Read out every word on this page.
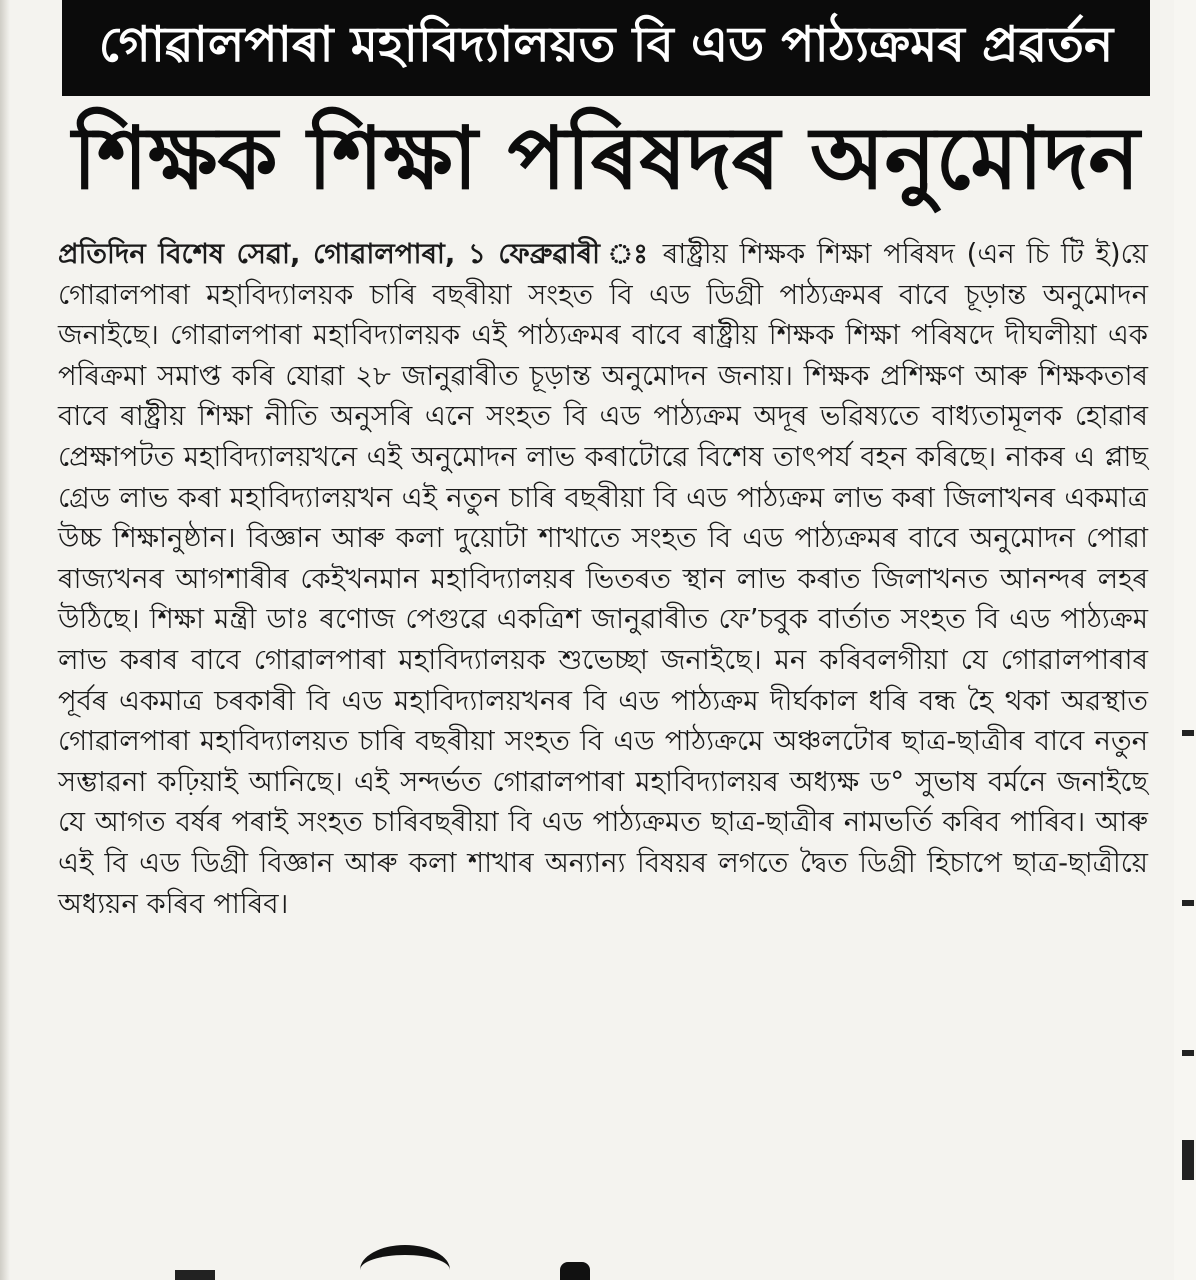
গোৱালপাৰা মহাবিদ্যালয়ত বি এড পাঠ্যক্ৰমৰ প্ৰৱৰ্তন
শিক্ষক শিক্ষা পৰিষদৰ অনুমোদন

প্ৰতিদিন বিশেষ সেৱা, গোৱালপাৰা, ১ ফেব্ৰুৱাৰী ঃ ৰাষ্ট্ৰীয় শিক্ষক শিক্ষা পৰিষদ (এন চি টি ই)য়ে গোৱালপাৰা মহাবিদ্যালয়ক চাৰি বছৰীয়া সংহত বি এড ডিগ্ৰী পাঠ্যক্ৰমৰ বাবে চূড়ান্ত অনুমোদন জনাইছে। গোৱালপাৰা মহাবিদ্যালয়ক এই পাঠ্যক্ৰমৰ বাবে ৰাষ্ট্ৰীয় শিক্ষক শিক্ষা পৰিষদে দীঘলীয়া এক পৰিক্ৰমা সমাপ্ত কৰি যোৱা ২৮ জানুৱাৰীত চূড়ান্ত অনুমোদন জনায়। শিক্ষক প্ৰশিক্ষণ আৰু শিক্ষকতাৰ বাবে ৰাষ্ট্ৰীয় শিক্ষা নীতি অনুসৰি এনে সংহত বি এড পাঠ্যক্ৰম অদূৰ ভৱিষ্যতে বাধ্যতামূলক হোৱাৰ প্ৰেক্ষাপটত মহাবিদ্যালয়খনে এই অনুমোদন লাভ কৰাটোৱে বিশেষ তাৎপৰ্য বহন কৰিছে। নাকৰ এ প্লাছ গ্ৰেড লাভ কৰা মহাবিদ্যালয়খন এই নতুন চাৰি বছৰীয়া বি এড পাঠ্যক্ৰম লাভ কৰা জিলাখনৰ একমাত্ৰ উচ্চ শিক্ষানুষ্ঠান। বিজ্ঞান আৰু কলা দুয়োটা শাখাতে সংহত বি এড পাঠ্যক্ৰমৰ বাবে অনুমোদন পোৱা ৰাজ্যখনৰ আগশাৰীৰ কেইখনমান মহাবিদ্যালয়ৰ ভিতৰত স্থান লাভ কৰাত জিলাখনত আনন্দৰ লহৰ উঠিছে। শিক্ষা মন্ত্ৰী ডাঃ ৰণোজ পেগুৱে একত্ৰিশ জানুৱাৰীত ফে’চবুক বাৰ্তাত সংহত বি এড পাঠ্যক্ৰম লাভ কৰাৰ বাবে গোৱালপাৰা মহাবিদ্যালয়ক শুভেচ্ছা জনাইছে। মন কৰিবলগীয়া যে গোৱালপাৰাৰ পূৰ্বৰ একমাত্ৰ চৰকাৰী বি এড মহাবিদ্যালয়খনৰ বি এড পাঠ্যক্ৰম দীৰ্ঘকাল ধৰি বন্ধ হৈ থকা অৱস্থাত গোৱালপাৰা মহাবিদ্যালয়ত চাৰি বছৰীয়া সংহত বি এড পাঠ্যক্ৰমে অঞ্চলটোৰ ছাত্ৰ-ছাত্ৰীৰ বাবে নতুন সম্ভাৱনা কঢ়িয়াই আনিছে। এই সন্দৰ্ভত গোৱালপাৰা মহাবিদ্যালয়ৰ অধ্যক্ষ ড° সুভাষ বৰ্মনে জনাইছে যে আগত বৰ্ষৰ পৰাই সংহত চাৰিবছৰীয়া বি এড পাঠ্যক্ৰমত ছাত্ৰ-ছাত্ৰীৰ নামভৰ্তি কৰিব পাৰিব। আৰু এই বি এড ডিগ্ৰী বিজ্ঞান আৰু কলা শাখাৰ অন্যান্য বিষয়ৰ লগতে দ্বৈত ডিগ্ৰী হিচাপে ছাত্ৰ-ছাত্ৰীয়ে অধ্যয়ন কৰিব পাৰিব।
